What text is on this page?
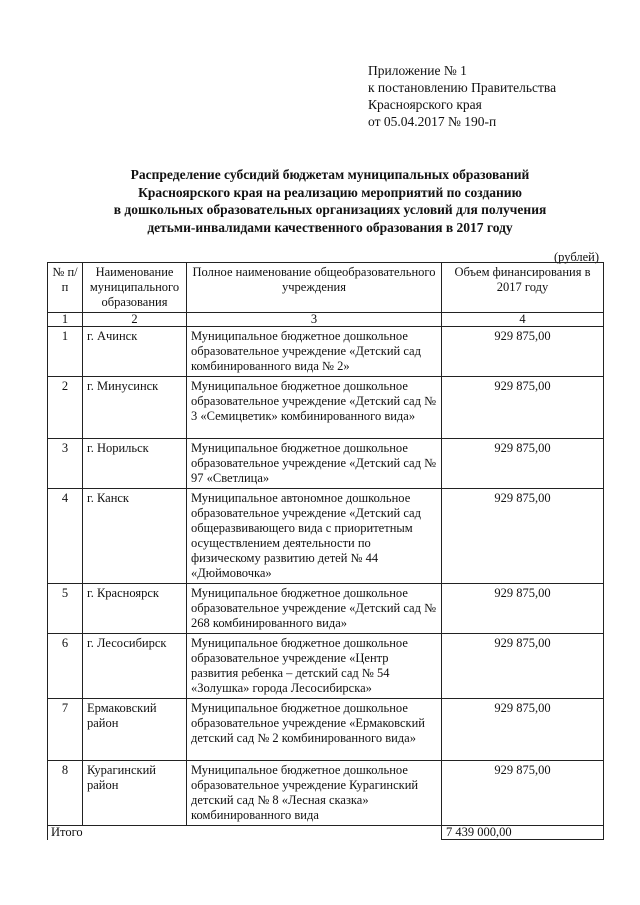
Приложение № 1
к постановлению Правительства
Красноярского края
от 05.04.2017 № 190-п
Распределение субсидий бюджетам муниципальных образований
Красноярского края на реализацию мероприятий по созданию
в дошкольных образовательных организациях условий для получения
детьми-инвалидами качественного образования в 2017 году
(рублей)
№ п/п	Наименование муниципального образования	Полное наименование общеобразовательного учреждения	Объем финансирования в 2017 году
1	2	3	4
1	г. Ачинск	Муниципальное бюджетное дошкольное образовательное учреждение «Детский сад комбинированного вида № 2»	929 875,00
2	г. Минусинск	Муниципальное бюджетное дошкольное образовательное учреждение «Детский сад № 3 «Семицветик» комбинированного вида»	929 875,00
3	г. Норильск	Муниципальное бюджетное дошкольное образовательное учреждение «Детский сад № 97 «Светлица»	929 875,00
4	г. Канск	Муниципальное автономное дошкольное образовательное учреждение «Детский сад общеразвивающего вида с приоритетным осуществлением деятельности по физическому развитию детей № 44 «Дюймовочка»	929 875,00
5	г. Красноярск	Муниципальное бюджетное дошкольное образовательное учреждение «Детский сад № 268 комбинированного вида»	929 875,00
6	г. Лесосибирск	Муниципальное бюджетное дошкольное образовательное учреждение «Центр развития ребенка – детский сад № 54 «Золушка» города Лесосибирска»	929 875,00
7	Ермаковский район	Муниципальное бюджетное дошкольное образовательное учреждение «Ермаковский детский сад № 2 комбинированного вида»	929 875,00
8	Курагинский район	Муниципальное бюджетное дошкольное образовательное учреждение Курагинский детский сад № 8 «Лесная сказка» комбинированного вида	929 875,00
Итого			7 439 000,00
